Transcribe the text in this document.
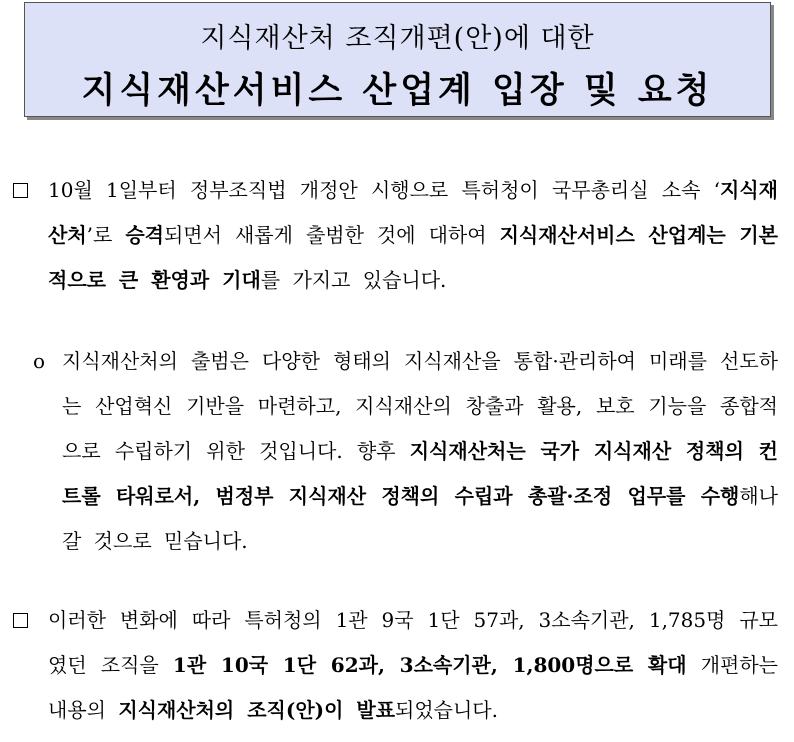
지식재산처 조직개편(안)에 대한
지식재산서비스 산업계 입장 및 요청
10월 1일부터 정부조직법 개정안 시행으로 특허청이 국무총리실 소속 ‘지식재산처’로 승격되면서 새롭게 출범한 것에 대하여 지식재산서비스 산업계는 기본적으로 큰 환영과 기대를 가지고 있습니다.
o 지식재산처의 출범은 다양한 형태의 지식재산을 통합·관리하여 미래를 선도하는 산업혁신 기반을 마련하고, 지식재산의 창출과 활용, 보호 기능을 종합적으로 수립하기 위한 것입니다. 향후 지식재산처는 국가 지식재산 정책의 컨트롤 타워로서, 범정부 지식재산 정책의 수립과 총괄·조정 업무를 수행해나갈 것으로 믿습니다.
이러한 변화에 따라 특허청의 1관 9국 1단 57과, 3소속기관, 1,785명 규모였던 조직을 1관 10국 1단 62과, 3소속기관, 1,800명으로 확대 개편하는 내용의 지식재산처의 조직(안)이 발표되었습니다.
